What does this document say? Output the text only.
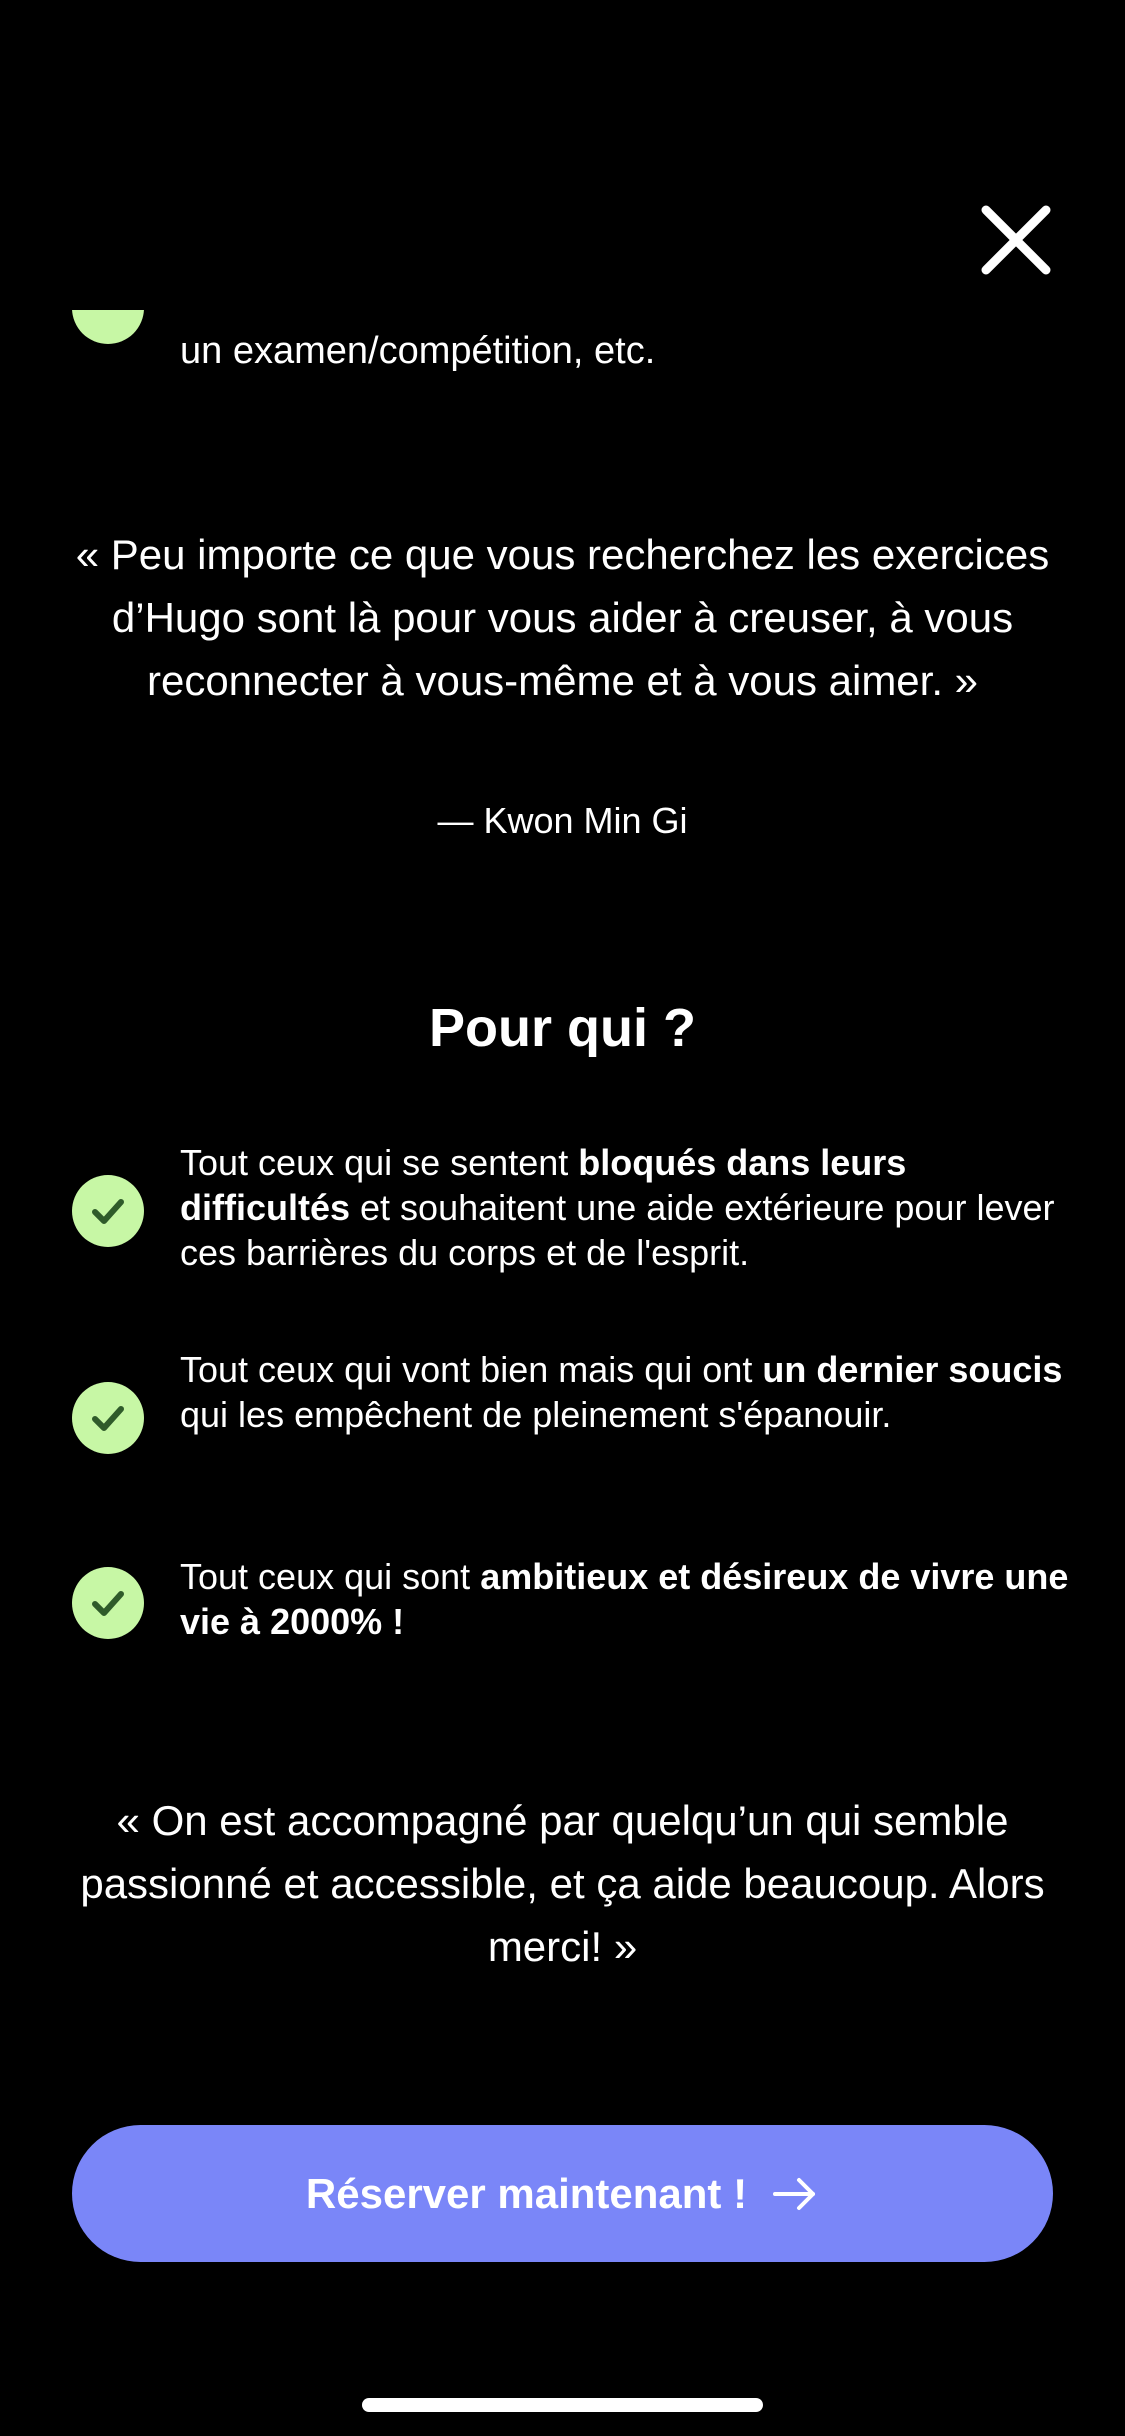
un examen/compétition, etc.

« Peu importe ce que vous recherchez les exercices d’Hugo sont là pour vous aider à creuser, à vous reconnecter à vous-même et à vous aimer. »

— Kwon Min Gi
Pour qui ?
Tout ceux qui se sentent bloqués dans leurs difficultés et souhaitent une aide extérieure pour lever ces barrières du corps et de l'esprit.
Tout ceux qui vont bien mais qui ont un dernier soucis qui les empêchent de pleinement s'épanouir.
Tout ceux qui sont ambitieux et désireux de vivre une vie à 2000% !

« On est accompagné par quelqu’un qui semble passionné et accessible, et ça aide beaucoup. Alors merci! »

Réserver maintenant !
